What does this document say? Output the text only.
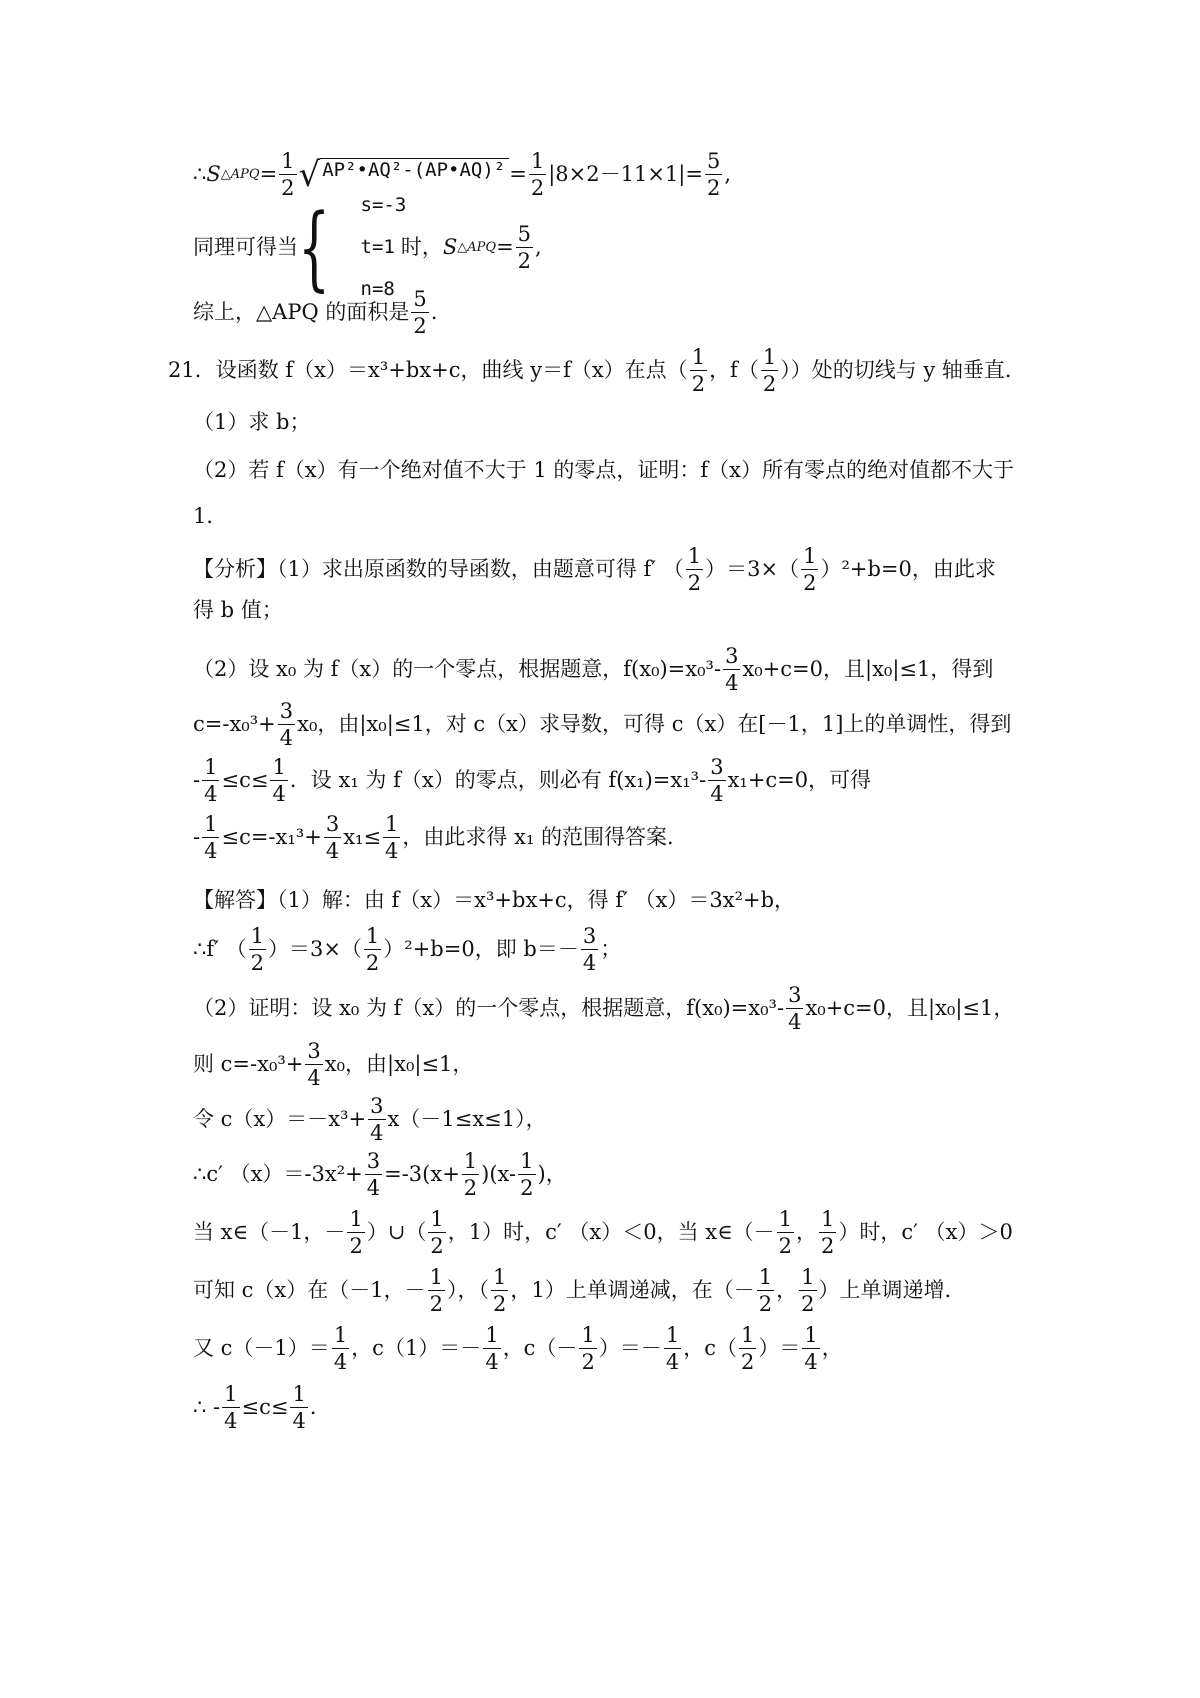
∴ S △APQ = $\frac{1}{2}$ √ AP²•AQ²-(AP•AQ)² = $\frac{1}{2} |8\times 2-11\times 1|= \frac{5}{2}$ ,
同理可得当 { s=-3
t=1 时， S △APQ = $\frac{5}{2}$ ,
n=8
综上，△APQ 的面积是 $\frac{5}{2}$ .
21． 设函数 f（x）＝x³+bx+c，曲线 y＝f（x）在点（ $\frac{1}{2}$ ，$f( \frac{1}{2}$ ））处的切线与 y 轴垂直．
（1）求 b；
（2）若 f（x）有一个绝对值不大于 1 的零点，证明：f（x）所有零点的绝对值都不大于
1．
【分析】（1）求出原函数的导函数，由题意可得 f′ （ $\frac{1}{2} )=3\times( \frac{1}{2} )^2+b=0$，由此求
得 b 值；
（2）设 x₀ 为 f（x）的一个零点，根据题意，$f(x_0)=x_0^3- \frac{3}{4} x_0+c=0$，且|x₀|≤1，得到
$c=-x_0^3+ \frac{3}{4} x_0$，由|x₀|≤1，对 c（x）求导数，可得 c（x）在[－1，1]上的单调性，得到
- $\frac{1}{4} \le c\le \frac{1}{4}$ ．设 x₁ 为 f（x）的零点，则必有 $f(x_1)=x_1^3- \frac{3}{4} x_1+c=0$，可得
- $\frac{1}{4} \le c=-x_1^3+ \frac{3}{4} x_1\le \frac{1}{4}$ ，由此求得 x₁ 的范围得答案．
【解答】（1）解：由 f（x）＝x³+bx+c，得 f′ （x）＝3x²+b，
∴f′ （ $\frac{1}{2} )=3\times( \frac{1}{2} )^2+b=0$，即 $b=- \frac{3}{4}$ ；
（2）证明：设 x₀ 为 f（x）的一个零点，根据题意，$f(x_0)=x_0^3- \frac{3}{4} x_0+c=0$，且|x₀|≤1，
则 $c=-x_0^3+ \frac{3}{4} x_0$，由|x₀|≤1，
令 $c(x)=-x^3+ \frac{3}{4} x(-1\le x\le 1)$，
∴c′ $(x)=-3x^2+ \frac{3}{4} =-3(x+ \frac{1}{2} )(x- \frac{1}{2}$ )，
当 x∈（－1，－ $\frac{1}{2}$ ）∪（ $\frac{1}{2}$ ，1）时，c′ （x）＜0，当 x∈（－ $\frac{1}{2}$ ， $\frac{1}{2}$ ）时，c′ （x）＞0
可知 c（x）在（－1，－ $\frac{1}{2}$ ），（ $\frac{1}{2}$ ，1）上单调递减，在（－ $\frac{1}{2}$ ， $\frac{1}{2}$ ）上单调递增．
又 $c(-1)= \frac{1}{4}$ ，$c(1)=- \frac{1}{4}$ ，$c(- \frac{1}{2}$ ）＝－ $\frac{1}{4}$ ，$c( \frac{1}{2}$ ）＝ $\frac{1}{4}$ ，
∴ - $\frac{1}{4} \le c\le \frac{1}{4}$ ．
